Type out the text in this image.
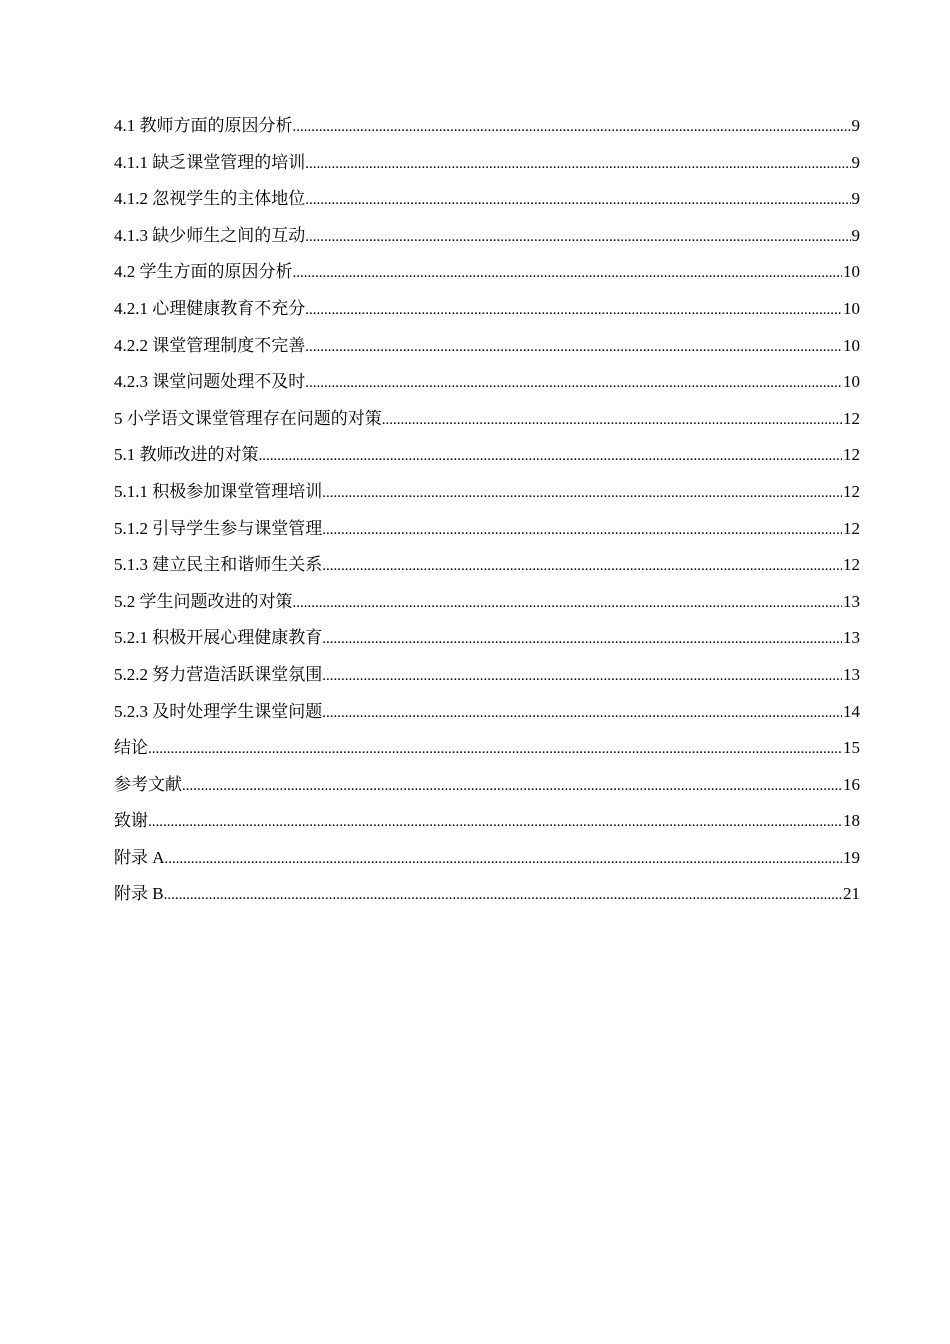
4.1 教师方面的原因分析 .....	9
4.1.1 缺乏课堂管理的培训 .....	9
4.1.2 忽视学生的主体地位 .....	9
4.1.3 缺少师生之间的互动 .....	9
4.2 学生方面的原因分析 .....	10
4.2.1 心理健康教育不充分 .....	10
4.2.2 课堂管理制度不完善 .....	10
4.2.3 课堂问题处理不及时 .....	10
5 小学语文课堂管理存在问题的对策 .....	12
5.1 教师改进的对策 .....	12
5.1.1 积极参加课堂管理培训 .....	12
5.1.2 引导学生参与课堂管理 .....	12
5.1.3 建立民主和谐师生关系 .....	12
5.2 学生问题改进的对策 .....	13
5.2.1 积极开展心理健康教育 .....	13
5.2.2 努力营造活跃课堂氛围 .....	13
5.2.3 及时处理学生课堂问题 .....	14
结论 .....	15
参考文献 .....	16
致谢 .....	18
附录 A .....	19
附录 B .....	21
